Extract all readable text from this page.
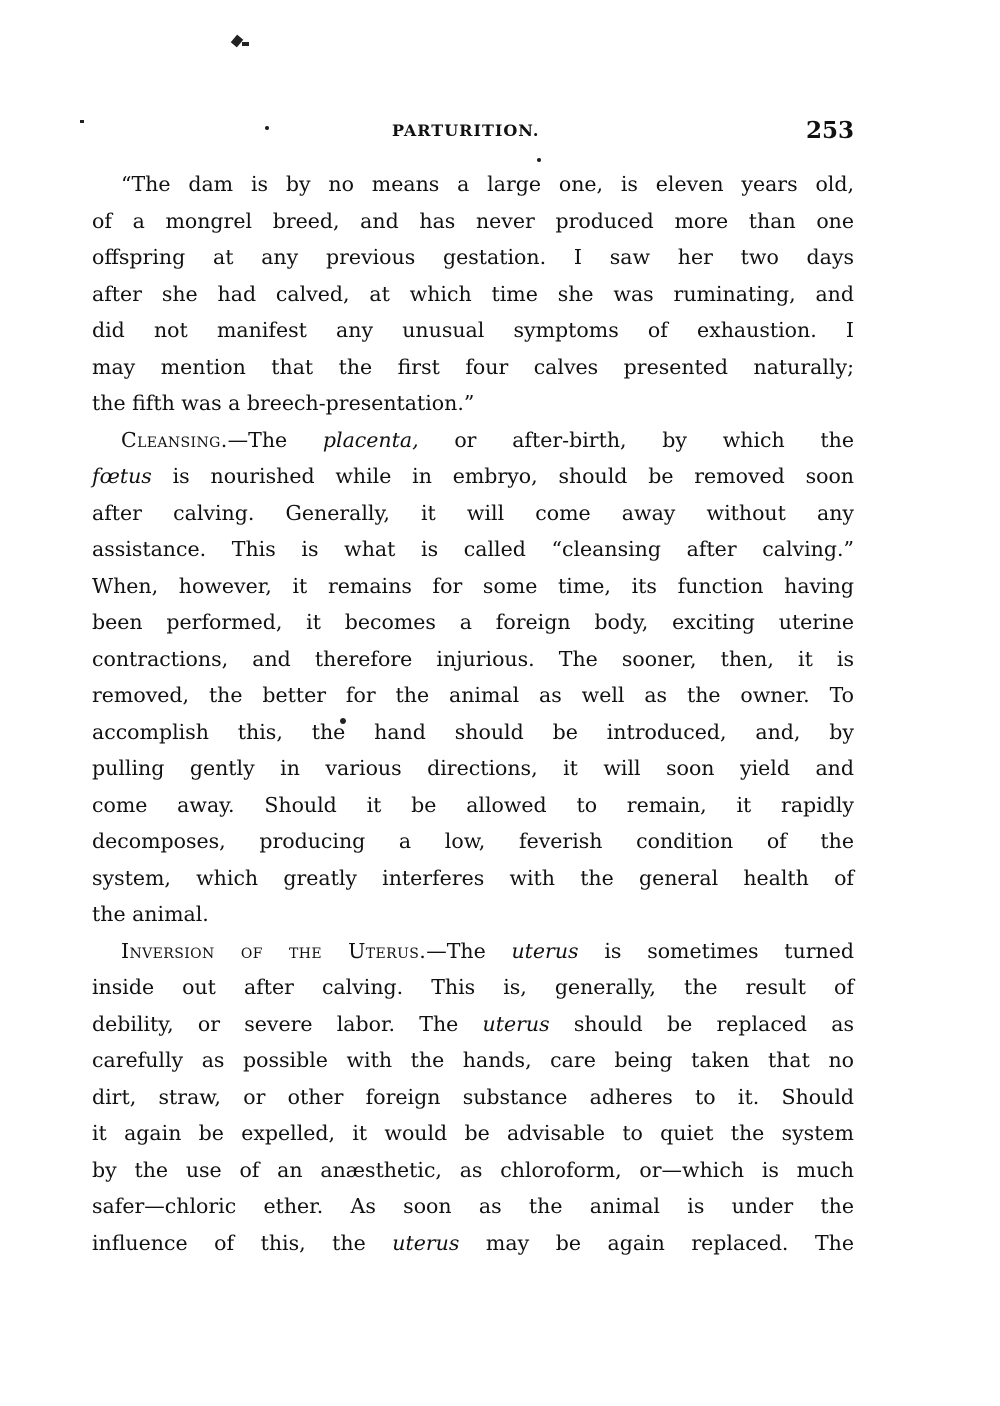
PARTURITION.	253
“The dam is by no means a large one, is eleven years old,
of a mongrel breed, and has never produced more than one
offspring at any previous gestation. I saw her two days
after she had calved, at which time she was ruminating, and
did not manifest any unusual symptoms of exhaustion. I
may mention that the first four calves presented naturally;
the fifth was a breech-presentation.”
Cleansing.—The placenta, or after-birth, by which the
fœtus is nourished while in embryo, should be removed soon
after calving. Generally, it will come away without any
assistance. This is what is called “cleansing after calving.”
When, however, it remains for some time, its function having
been performed, it becomes a foreign body, exciting uterine
contractions, and therefore injurious. The sooner, then, it is
removed, the better for the animal as well as the owner. To
accomplish this, the hand should be introduced, and, by
pulling gently in various directions, it will soon yield and
come away. Should it be allowed to remain, it rapidly
decomposes, producing a low, feverish condition of the
system, which greatly interferes with the general health of
the animal.
Inversion of the Uterus.—The uterus is sometimes turned
inside out after calving. This is, generally, the result of
debility, or severe labor. The uterus should be replaced as
carefully as possible with the hands, care being taken that no
dirt, straw, or other foreign substance adheres to it. Should
it again be expelled, it would be advisable to quiet the system
by the use of an anæsthetic, as chloroform, or—which is much
safer—chloric ether. As soon as the animal is under the
influence of this, the uterus may be again replaced. The
